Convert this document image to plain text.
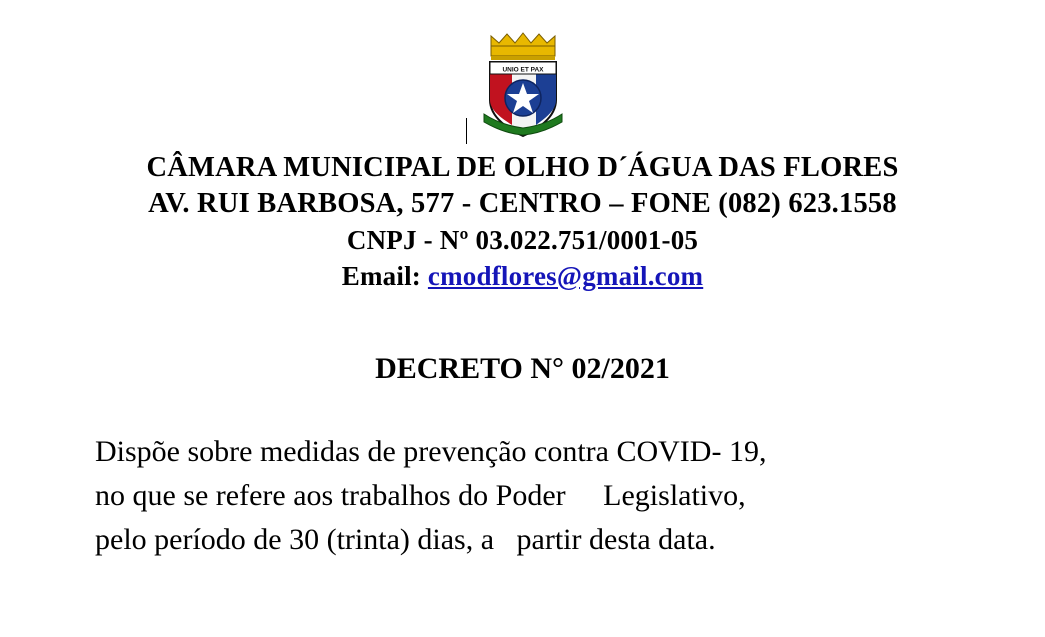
UNIO ET PAX
CÂMARA MUNICIPAL DE OLHO D´ÁGUA DAS FLORES
AV. RUI BARBOSA, 577 - CENTRO – FONE (082) 623.1558
CNPJ - Nº 03.022.751/0001-05
Email: cmodflores@gmail.com
DECRETO N° 02/2021
Dispõe sobre medidas de prevenção contra COVID- 19,
no que se refere aos trabalhos do Poder     Legislativo,
pelo período de 30 (trinta) dias, a   partir desta data.
